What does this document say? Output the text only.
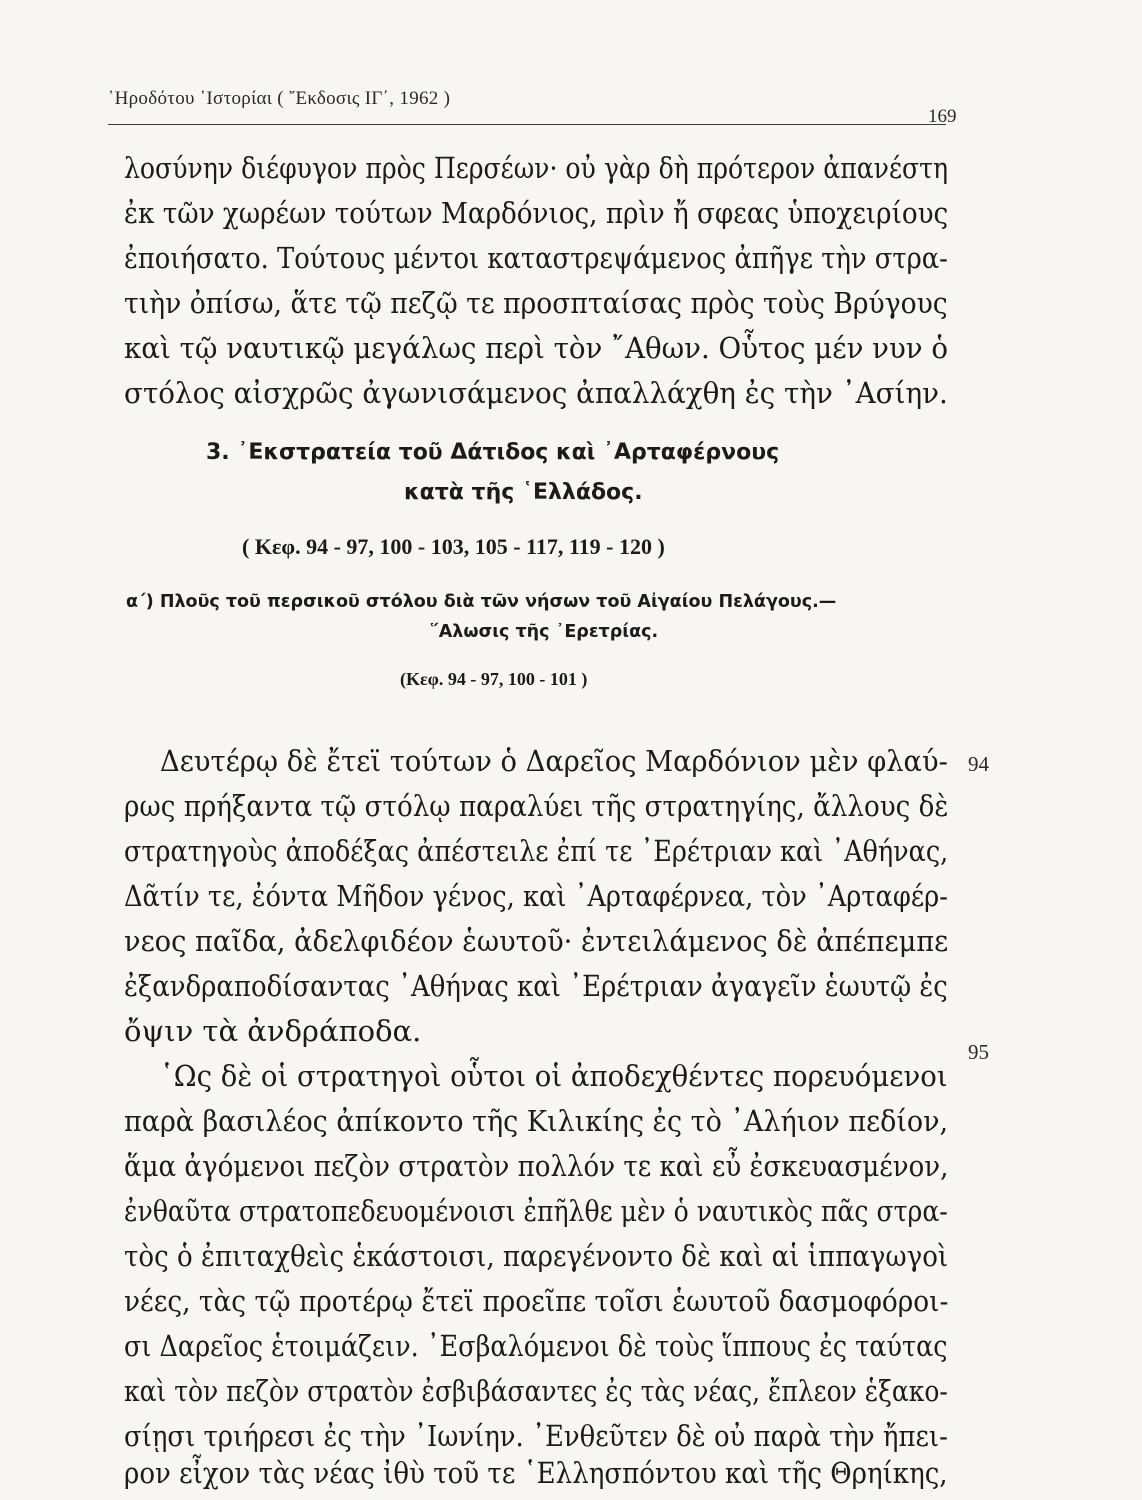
῾Ηροδότου ῾Ιστορίαι ( ῎Εκδοσις ΙΓ΄, 1962 )
169
λοσύνην διέφυγον πρὸς Περσέων· οὐ γὰρ δὴ πρότερον ἀπανέστη
ἐκ τῶν χωρέων τούτων Μαρδόνιος, πρὶν ἤ σφεας ὑποχειρίους
ἐποιήσατο. Τούτους μέντοι καταστρεψάμενος ἀπῆγε τὴν στρα-
τιὴν ὀπίσω, ἅτε τῷ πεζῷ τε προσπταίσας πρὸς τοὺς Βρύγους
καὶ τῷ ναυτικῷ μεγάλως περὶ τὸν ῎Αθων. Οὗτος μέν νυν ὁ
στόλος αἰσχρῶς ἀγωνισάμενος ἀπαλλάχθη ἐς τὴν ᾿Ασίην.
3. ᾿Εκστρατεία τοῦ Δάτιδος καὶ ᾿Αρταφέρνους
κατὰ τῆς ῾Ελλάδος.
( Κεφ. 94 - 97, 100 - 103, 105 - 117, 119 - 120 )
α΄) Πλοῦς τοῦ περσικοῦ στόλου διὰ τῶν νήσων τοῦ Αἰγαίου Πελάγους.—
῞Αλωσις τῆς ᾿Ερετρίας.
(Κεφ. 94 - 97, 100 - 101 )
94
Δευτέρῳ δὲ ἔτεϊ τούτων ὁ Δαρεῖος Μαρδόνιον μὲν φλαύ-
ρως πρήξαντα τῷ στόλῳ παραλύει τῆς στρατηγίης, ἄλλους δὲ
στρατηγοὺς ἀποδέξας ἀπέστειλε ἐπί τε ᾿Ερέτριαν καὶ ᾿Αθήνας,
Δᾶτίν τε, ἐόντα Μῆδον γένος, καὶ ᾿Αρταφέρνεα, τὸν ᾿Αρταφέρ-
νεος παῖδα, ἀδελφιδέον ἑωυτοῦ· ἐντειλάμενος δὲ ἀπέπεμπε
ἐξανδραποδίσαντας ᾿Αθήνας καὶ ᾿Ερέτριαν ἀγαγεῖν ἑωυτῷ ἐς
ὄψιν τὰ ἀνδράποδα.
95
῾Ως δὲ οἱ στρατηγοὶ οὗτοι οἱ ἀποδεχθέντες πορευόμενοι
παρὰ βασιλέος ἀπίκοντο τῆς Κιλικίης ἐς τὸ ᾿Αλήιον πεδίον,
ἅμα ἀγόμενοι πεζὸν στρατὸν πολλόν τε καὶ εὖ ἐσκευασμένον,
ἐνθαῦτα στρατοπεδευομένοισι ἐπῆλθε μὲν ὁ ναυτικὸς πᾶς στρα-
τὸς ὁ ἐπιταχθεὶς ἑκάστοισι, παρεγένοντο δὲ καὶ αἱ ἱππαγωγοὶ
νέες, τὰς τῷ προτέρῳ ἔτεϊ προεῖπε τοῖσι ἑωυτοῦ δασμοφόροι-
σι Δαρεῖος ἑτοιμάζειν. ᾿Εσβαλόμενοι δὲ τοὺς ἵππους ἐς ταύτας
καὶ τὸν πεζὸν στρατὸν ἐσβιβάσαντες ἐς τὰς νέας, ἔπλεον ἑξακο-
σίῃσι τριήρεσι ἐς τὴν ᾿Ιωνίην. ᾿Ενθεῦτεν δὲ οὐ παρὰ τὴν ἤπει-
ρον εἶχον τὰς νέας ἰθὺ τοῦ τε ῾Ελλησπόντου καὶ τῆς Θρηίκης,
